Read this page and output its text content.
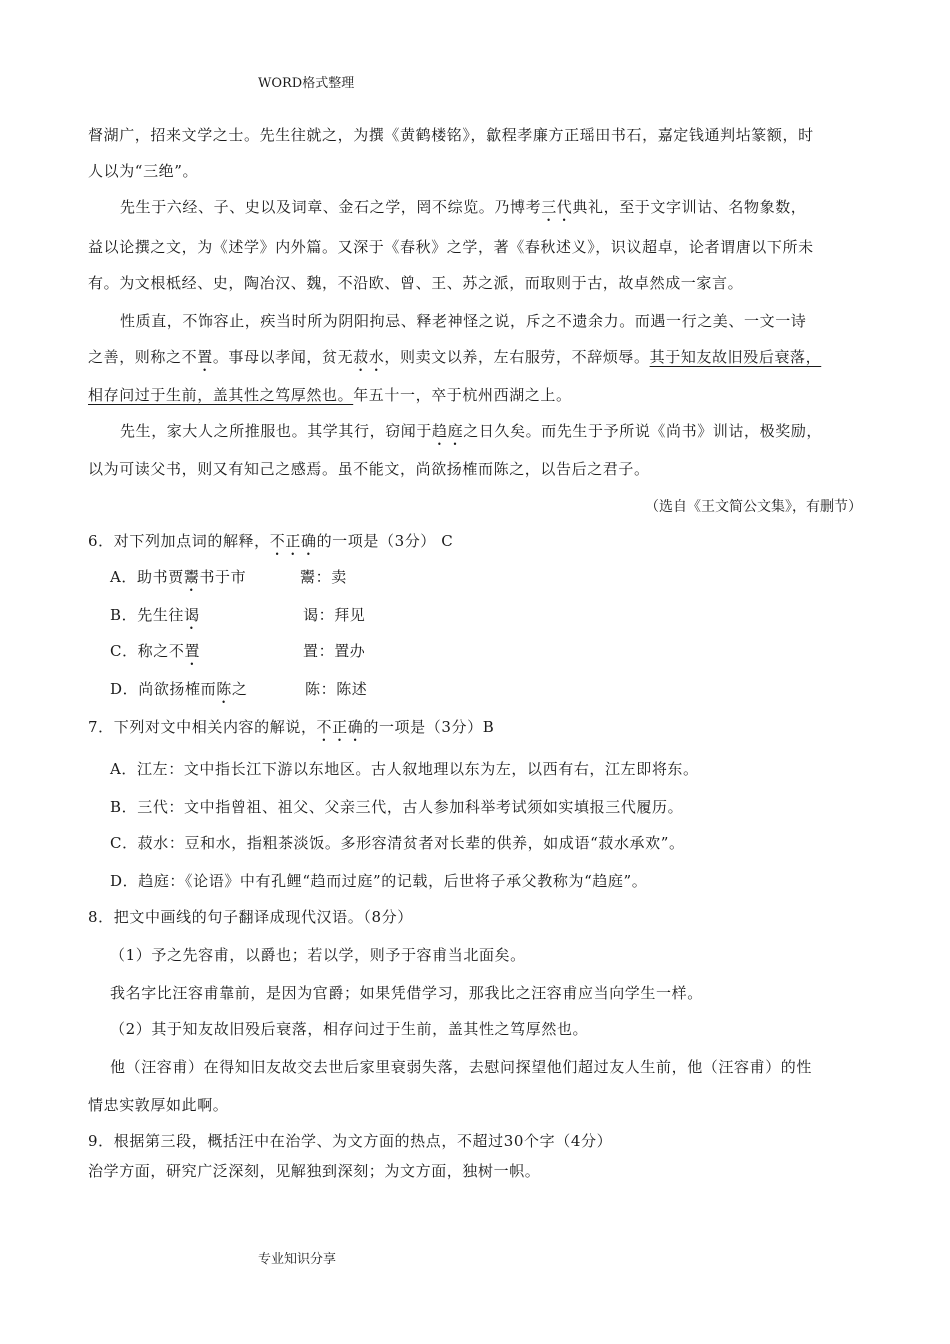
WORD格式整理
督湖广，招来文学之士。先生往就之，为撰《黄鹤楼铭》，歙程孝廉方正瑶田书石，嘉定钱通判坫篆额，时
人以为“三绝”。
先生于六经、子、史以及词章、金石之学，罔不综览。乃博考三代典礼，至于文字训诂、名物象数，
益以论撰之文，为《述学》内外篇。又深于《春秋》之学，著《春秋述义》，识议超卓，论者谓唐以下所未
有。为文根柢经、史，陶冶汉、魏，不沿欧、曾、王、苏之派，而取则于古，故卓然成一家言。
性质直，不饰容止，疾当时所为阴阳拘忌、释老神怪之说，斥之不遗余力。而遇一行之美、一文一诗
之善，则称之不置。事母以孝闻，贫无菽水，则卖文以养，左右服劳，不辞烦辱。其于知友故旧殁后衰落，
相存问过于生前，盖其性之笃厚然也。年五十一，卒于杭州西湖之上。
先生，家大人之所推服也。其学其行，窃闻于趋庭之日久矣。而先生于予所说《尚书》训诂，极奖励，
以为可读父书，则又有知己之感焉。虽不能文，尚欲扬榷而陈之，以告后之君子。
（选自《王文简公文集》，有删节）
6．对下列加点词的解释，不正确的一项是（3分） C
A．助书贾鬻书于市	鬻：卖
B．先生往谒	谒：拜见
C．称之不置	置：置办
D．尚欲扬榷而陈之	陈：陈述
7．下列对文中相关内容的解说，不正确的一项是（3分）B
A．江左：文中指长江下游以东地区。古人叙地理以东为左，以西有右，江左即将东。
B．三代：文中指曾祖、祖父、父亲三代，古人参加科举考试须如实填报三代履历。
C．菽水：豆和水，指粗茶淡饭。多形容清贫者对长辈的供养，如成语“菽水承欢”。
D．趋庭：《论语》中有孔鲤“趋而过庭”的记载，后世将子承父教称为“趋庭”。
8．把文中画线的句子翻译成现代汉语。（8分）
（1）予之先容甫，以爵也；若以学，则予于容甫当北面矣。
我名字比汪容甫靠前，是因为官爵；如果凭借学习，那我比之汪容甫应当向学生一样。
（2）其于知友故旧殁后衰落，相存问过于生前，盖其性之笃厚然也。
他（汪容甫）在得知旧友故交去世后家里衰弱失落，去慰问探望他们超过友人生前，他（汪容甫）的性
情忠实敦厚如此啊。
9．根据第三段，概括汪中在治学、为文方面的热点，不超过30个字（4分）
治学方面，研究广泛深刻，见解独到深刻；为文方面，独树一帜。
专业知识分享
